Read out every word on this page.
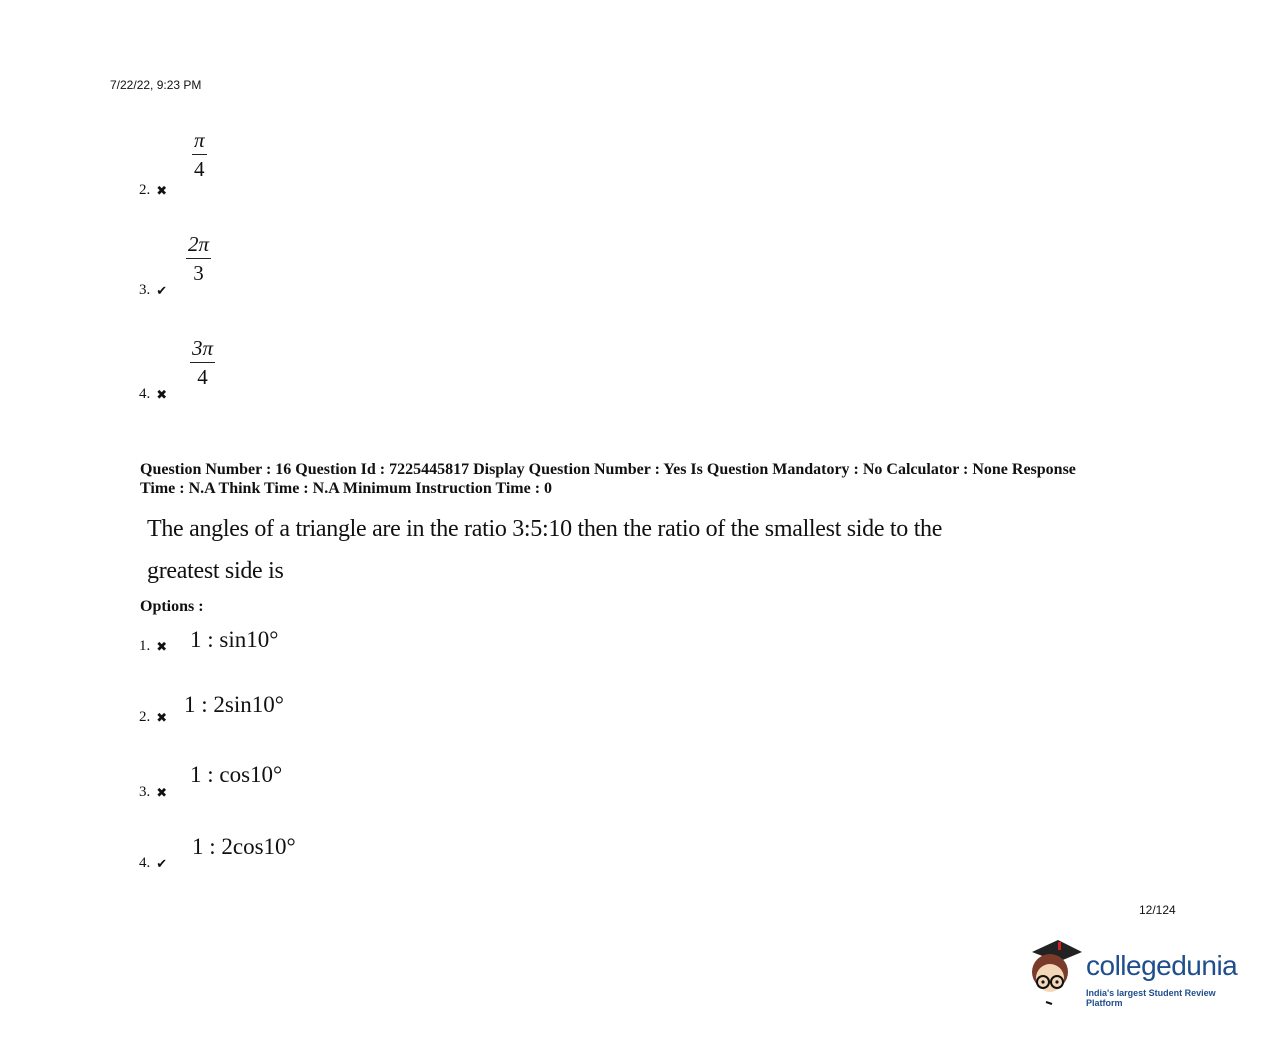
7/22/22, 9:23 PM
π
4
2. ✖
2π
3
3. ✔
3π
4
4. ✖
Question Number : 16 Question Id : 7225445817 Display Question Number : Yes Is Question Mandatory : No Calculator : None Response
Time : N.A Think Time : N.A Minimum Instruction Time : 0
The angles of a triangle are in the ratio 3:5:10 then the ratio of the smallest side to the
greatest side is
Options :
1. ✖ 1 : sin10°
2. ✖
1 : 2sin10°
3. ✖
1 : cos10°
4. ✔
1 : 2cos10°
12/124
collegedunia
India's largest Student Review Platform
